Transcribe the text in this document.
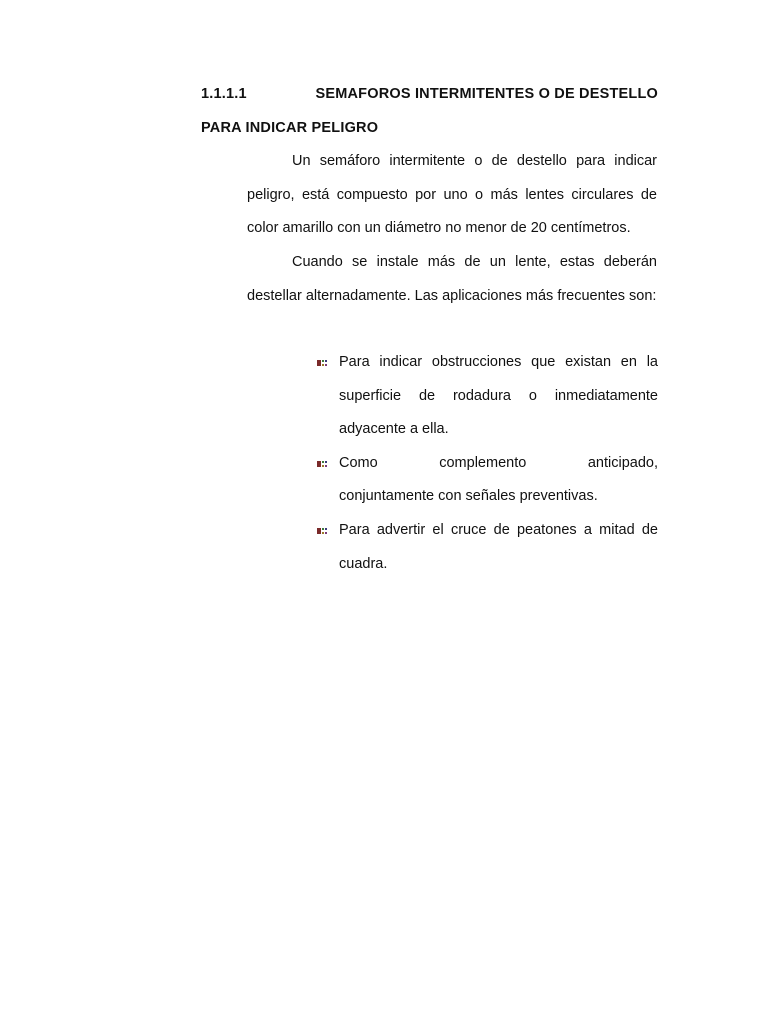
1.1.1.1	SEMAFOROS INTERMITENTES O DE DESTELLO
PARA INDICAR PELIGRO

Un semáforo intermitente o de destello para indicar peligro, está compuesto por uno o más lentes circulares de color amarillo con un diámetro no menor de 20 centímetros.

Cuando se instale más de un lente, estas deberán destellar alternadamente. Las aplicaciones más frecuentes son:

Para indicar obstrucciones que existan en la superficie de rodadura o inmediatamente adyacente a ella.
Como complemento anticipado,
conjuntamente con señales preventivas.
Para advertir el cruce de peatones a mitad de cuadra.
